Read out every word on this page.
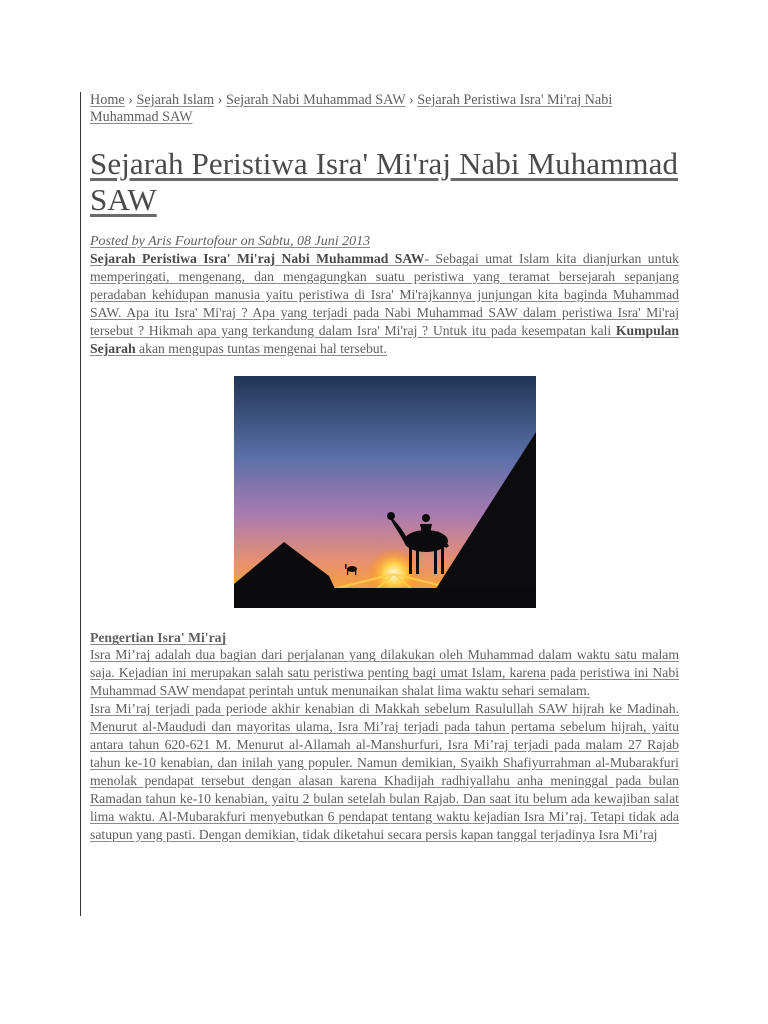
Home › Sejarah Islam › Sejarah Nabi Muhammad SAW › Sejarah Peristiwa Isra' Mi'raj Nabi Muhammad SAW

Sejarah Peristiwa Isra' Mi'raj Nabi Muhammad SAW

Posted by Aris Fourtofour on Sabtu, 08 Juni 2013

Sejarah Peristiwa Isra' Mi'raj Nabi Muhammad SAW- Sebagai umat Islam kita dianjurkan untuk memperingati, mengenang, dan mengagungkan suatu peristiwa yang teramat bersejarah sepanjang peradaban kehidupan manusia yaitu peristiwa di Isra' Mi'rajkannya junjungan kita baginda Muhammad SAW. Apa itu Isra' Mi'raj ? Apa yang terjadi pada Nabi Muhammad SAW dalam peristiwa Isra' Mi'raj tersebut ? Hikmah apa yang terkandung dalam Isra' Mi'raj ? Untuk itu pada kesempatan kali Kumpulan Sejarah akan mengupas tuntas mengenai hal tersebut.

Pengertian Isra' Mi'raj

Isra Mi’raj adalah dua bagian dari perjalanan yang dilakukan oleh Muhammad dalam waktu satu malam saja. Kejadian ini merupakan salah satu peristiwa penting bagi umat Islam, karena pada peristiwa ini Nabi Muhammad SAW mendapat perintah untuk menunaikan shalat lima waktu sehari semalam.

Isra Mi’raj terjadi pada periode akhir kenabian di Makkah sebelum Rasulullah SAW hijrah ke Madinah. Menurut al-Maududi dan mayoritas ulama, Isra Mi’raj terjadi pada tahun pertama sebelum hijrah, yaitu antara tahun 620-621 M. Menurut al-Allamah al-Manshurfuri, Isra Mi’raj terjadi pada malam 27 Rajab tahun ke-10 kenabian, dan inilah yang populer. Namun demikian, Syaikh Shafiyurrahman al-Mubarakfuri menolak pendapat tersebut dengan alasan karena Khadijah radhiyallahu anha meninggal pada bulan Ramadan tahun ke-10 kenabian, yaitu 2 bulan setelah bulan Rajab. Dan saat itu belum ada kewajiban salat lima waktu. Al-Mubarakfuri menyebutkan 6 pendapat tentang waktu kejadian Isra Mi’raj. Tetapi tidak ada satupun yang pasti. Dengan demikian, tidak diketahui secara persis kapan tanggal terjadinya Isra Mi’raj
